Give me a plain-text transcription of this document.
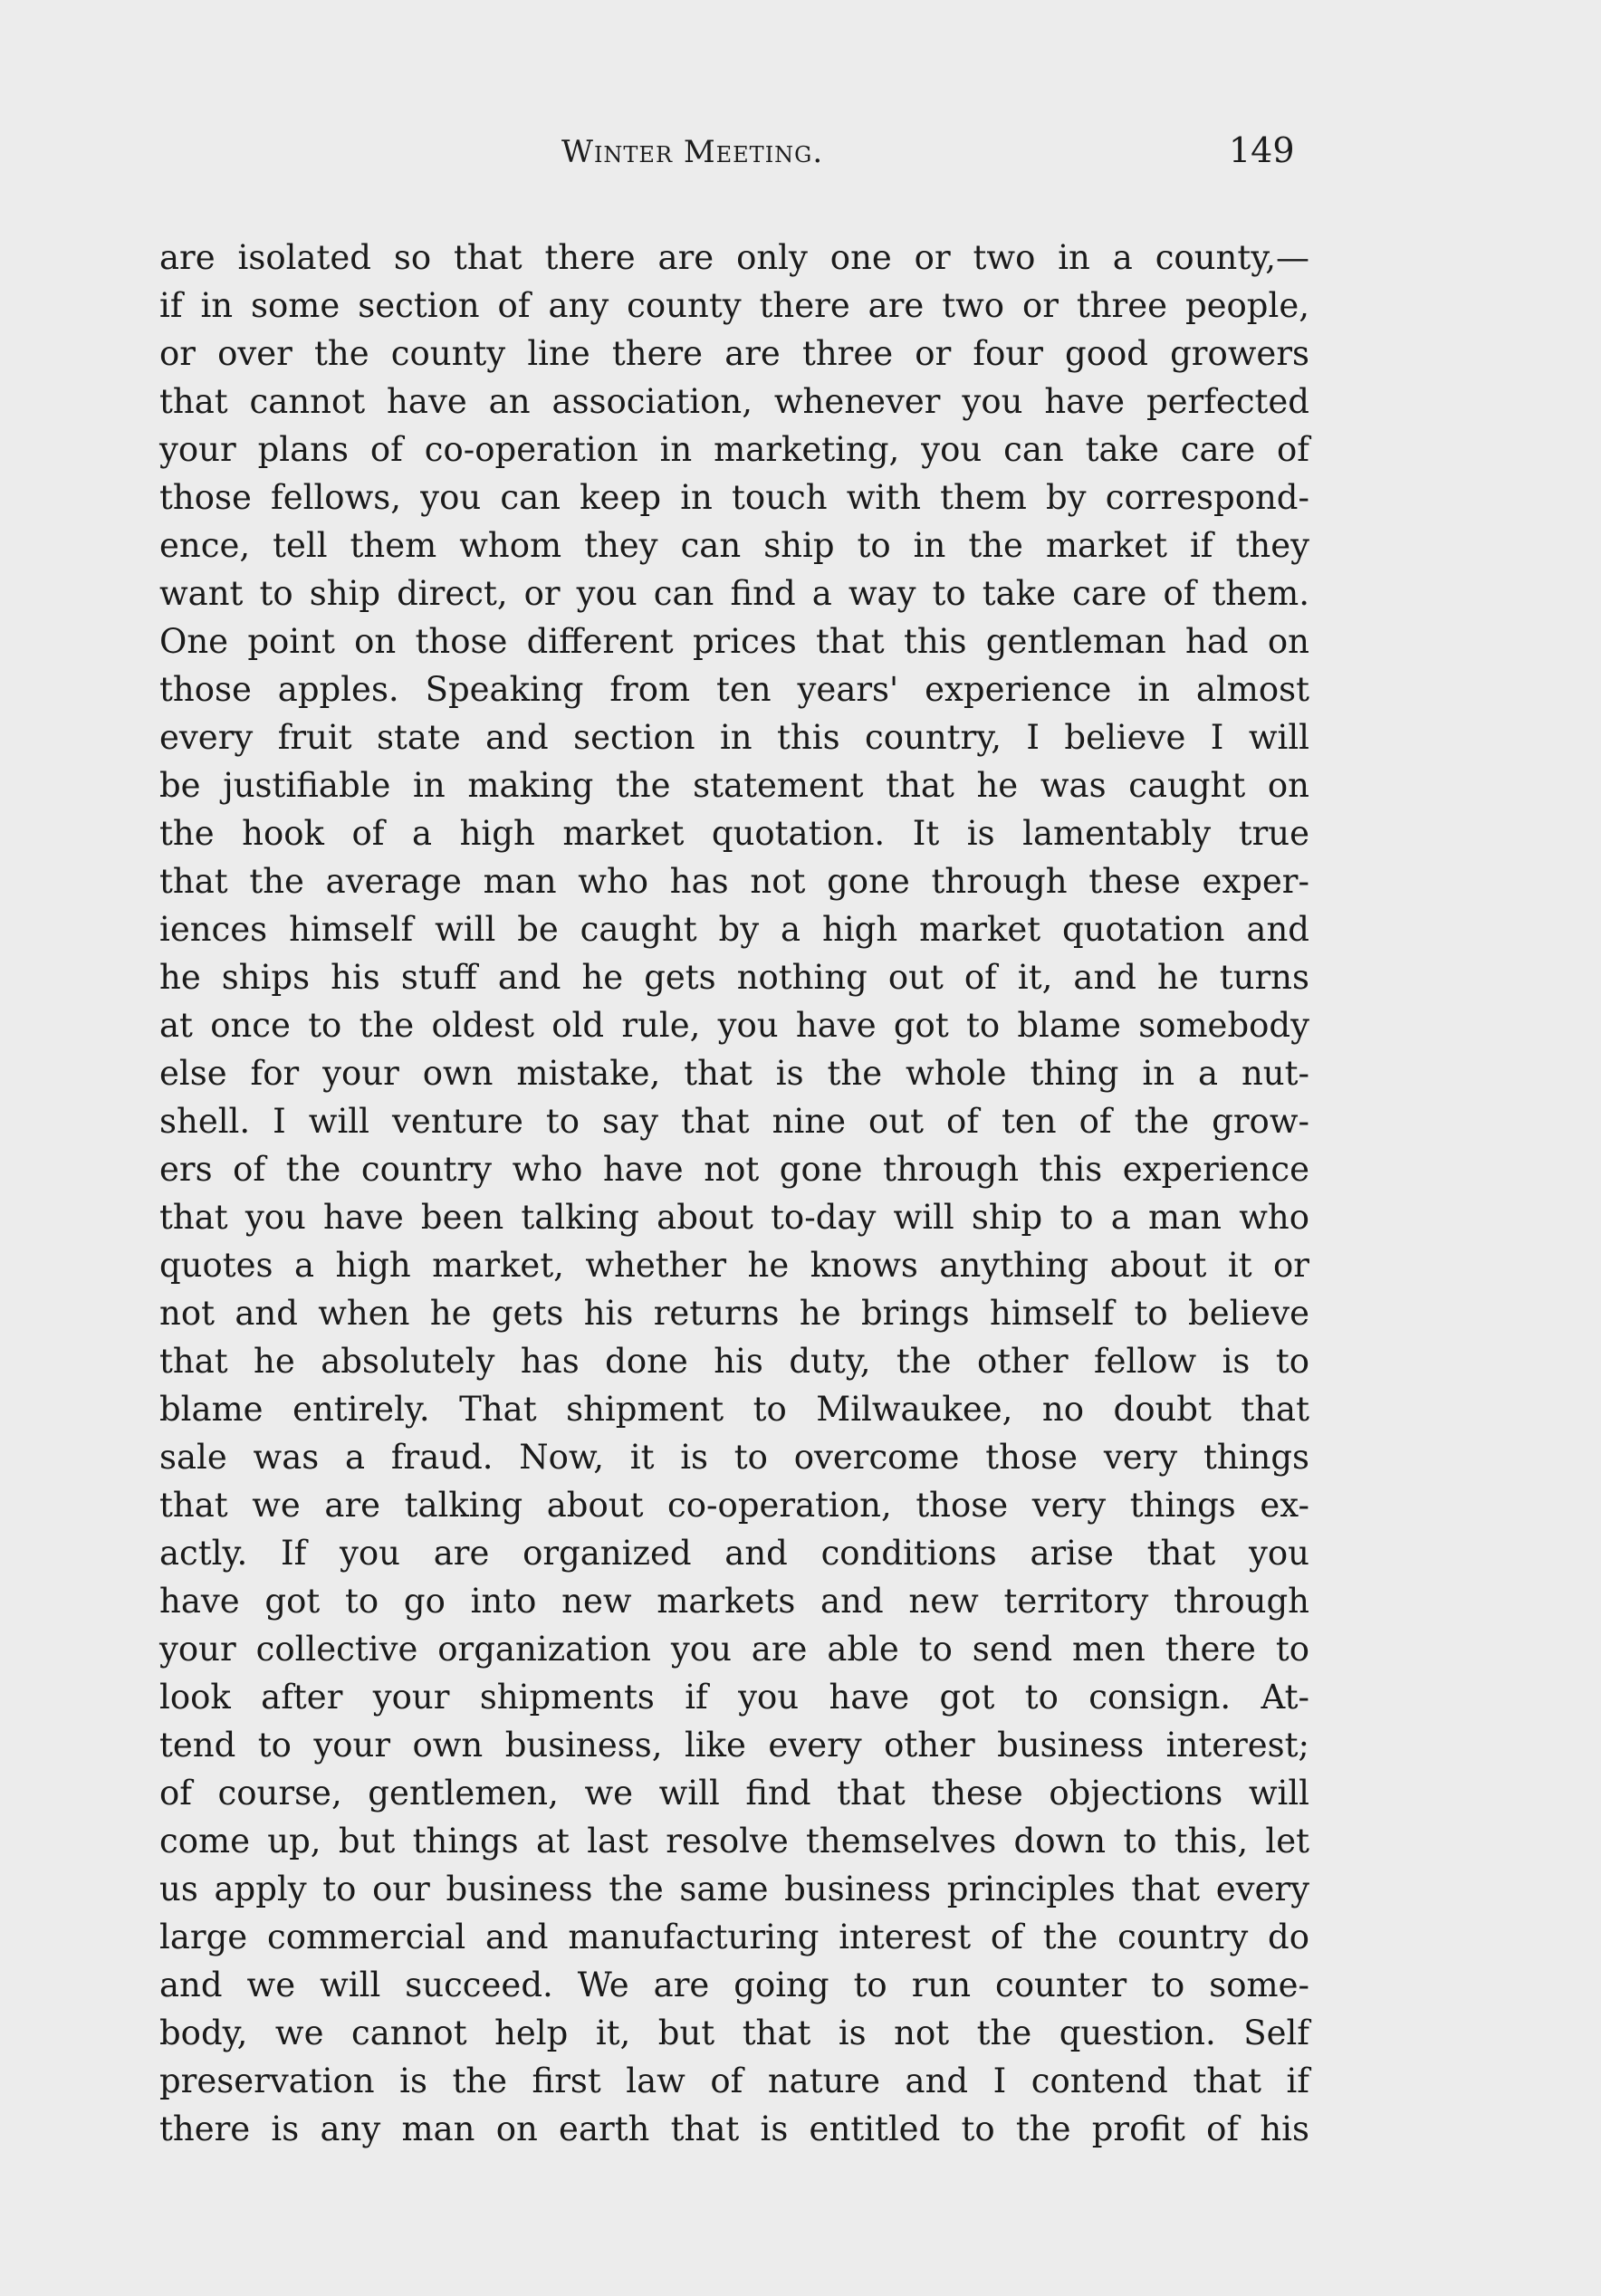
Winter Meeting.	149
are isolated so that there are only one or two in a county,—
if in some section of any county there are two or three people,
or over the county line there are three or four good growers
that cannot have an association, whenever you have perfected
your plans of co-operation in marketing, you can take care of
those fellows, you can keep in touch with them by correspond-
ence, tell them whom they can ship to in the market if they
want to ship direct, or you can find a way to take care of them.
One point on those different prices that this gentleman had on
those apples. Speaking from ten years' experience in almost
every fruit state and section in this country, I believe I will
be justifiable in making the statement that he was caught on
the hook of a high market quotation. It is lamentably true
that the average man who has not gone through these exper-
iences himself will be caught by a high market quotation and
he ships his stuff and he gets nothing out of it, and he turns
at once to the oldest old rule, you have got to blame somebody
else for your own mistake, that is the whole thing in a nut-
shell. I will venture to say that nine out of ten of the grow-
ers of the country who have not gone through this experience
that you have been talking about to-day will ship to a man who
quotes a high market, whether he knows anything about it or
not and when he gets his returns he brings himself to believe
that he absolutely has done his duty, the other fellow is to
blame entirely. That shipment to Milwaukee, no doubt that
sale was a fraud. Now, it is to overcome those very things
that we are talking about co-operation, those very things ex-
actly. If you are organized and conditions arise that you
have got to go into new markets and new territory through
your collective organization you are able to send men there to
look after your shipments if you have got to consign. At-
tend to your own business, like every other business interest;
of course, gentlemen, we will find that these objections will
come up, but things at last resolve themselves down to this, let
us apply to our business the same business principles that every
large commercial and manufacturing interest of the country do
and we will succeed. We are going to run counter to some-
body, we cannot help it, but that is not the question. Self
preservation is the first law of nature and I contend that if
there is any man on earth that is entitled to the profit of his
